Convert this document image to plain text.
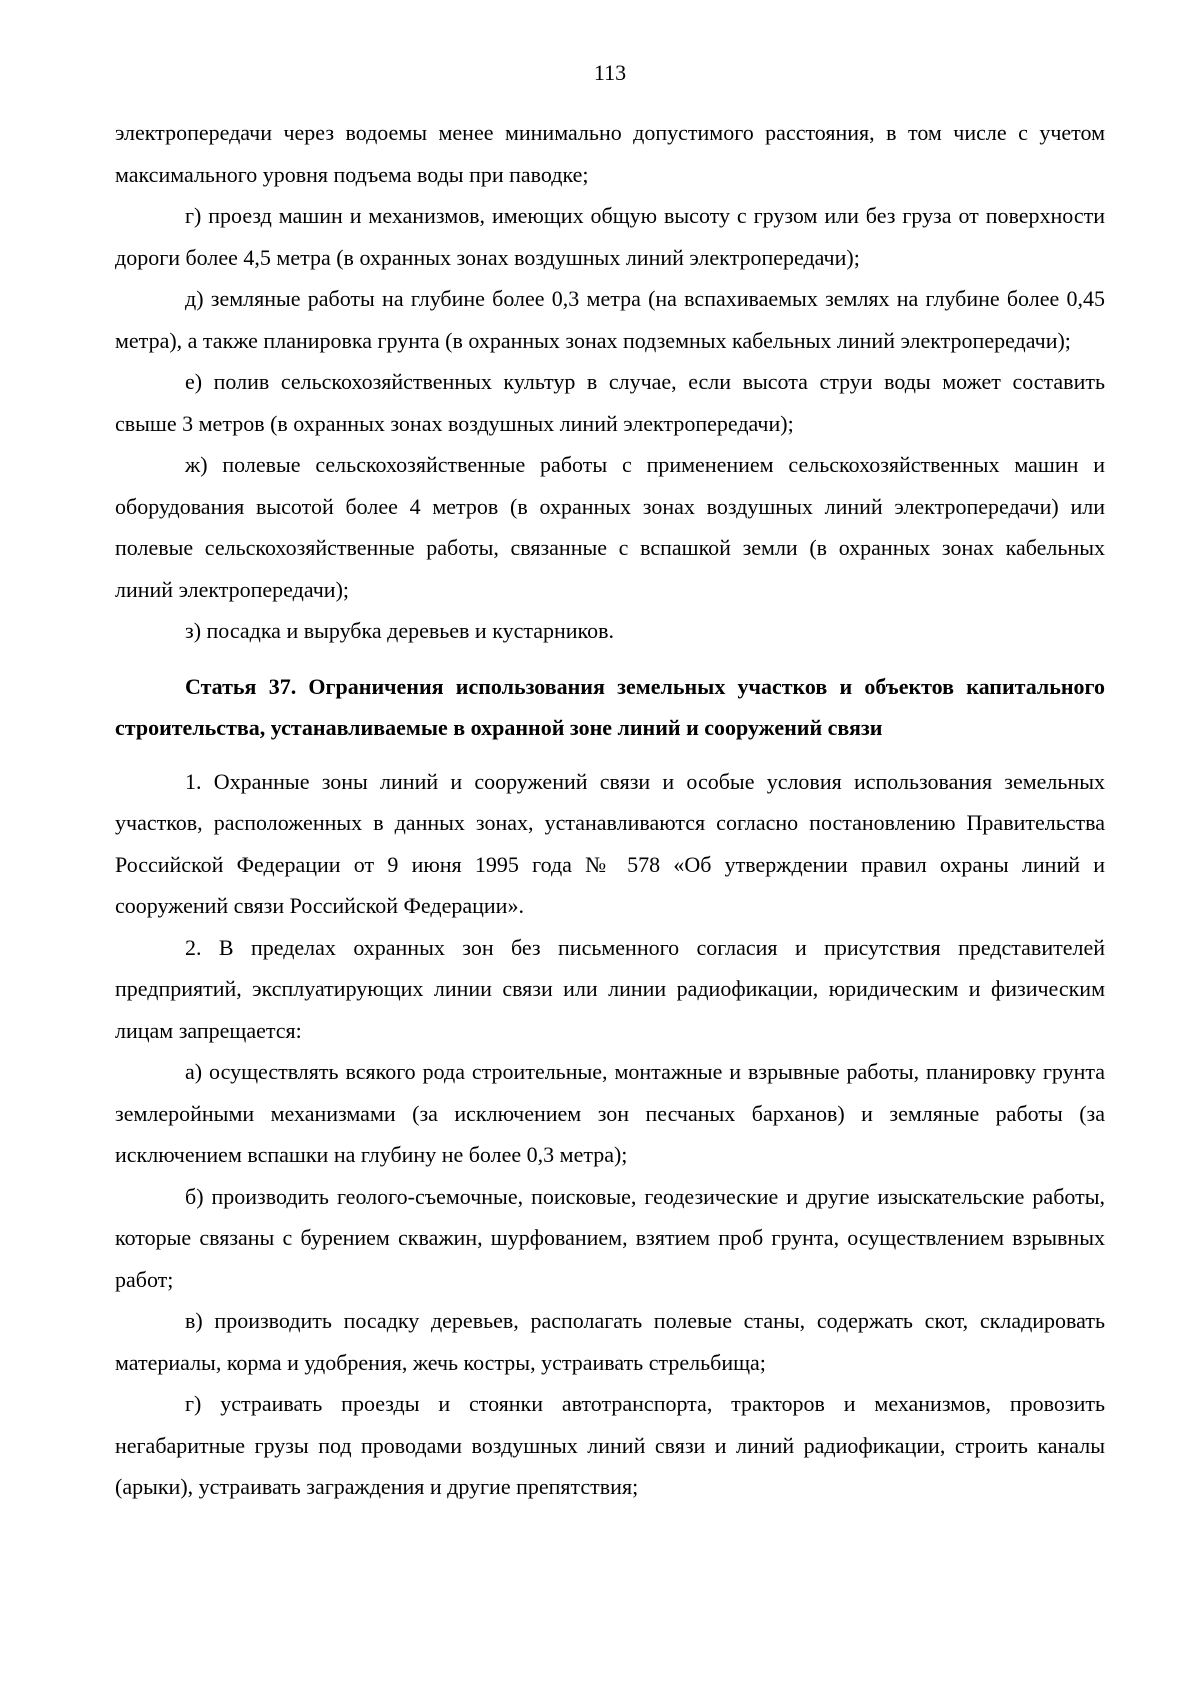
113

электропередачи через водоемы менее минимально допустимого расстояния, в том числе с учетом максимального уровня подъема воды при паводке;

г) проезд машин и механизмов, имеющих общую высоту с грузом или без груза от поверхности дороги более 4,5 метра (в охранных зонах воздушных линий электропередачи);

д) земляные работы на глубине более 0,3 метра (на вспахиваемых землях на глубине более 0,45 метра), а также планировка грунта (в охранных зонах подземных кабельных линий электропередачи);

е) полив сельскохозяйственных культур в случае, если высота струи воды может составить свыше 3 метров (в охранных зонах воздушных линий электропередачи);

ж) полевые сельскохозяйственные работы с применением сельскохозяйственных машин и оборудования высотой более 4 метров (в охранных зонах воздушных линий электропередачи) или полевые сельскохозяйственные работы, связанные с вспашкой земли (в охранных зонах кабельных линий электропередачи);

з) посадка и вырубка деревьев и кустарников.

Статья 37. Ограничения использования земельных участков и объектов капитального строительства, устанавливаемые в охранной зоне линий и сооружений связи

1. Охранные зоны линий и сооружений связи и особые условия использования земельных участков, расположенных в данных зонах, устанавливаются согласно постановлению Правительства Российской Федерации от 9 июня 1995 года № 578 «Об утверждении правил охраны линий и сооружений связи Российской Федерации».

2. В пределах охранных зон без письменного согласия и присутствия представителей предприятий, эксплуатирующих линии связи или линии радиофикации, юридическим и физическим лицам запрещается:

а) осуществлять всякого рода строительные, монтажные и взрывные работы, планировку грунта землеройными механизмами (за исключением зон песчаных барханов) и земляные работы (за исключением вспашки на глубину не более 0,3 метра);

б) производить геолого-съемочные, поисковые, геодезические и другие изыскательские работы, которые связаны с бурением скважин, шурфованием, взятием проб грунта, осуществлением взрывных работ;

в) производить посадку деревьев, располагать полевые станы, содержать скот, складировать материалы, корма и удобрения, жечь костры, устраивать стрельбища;

г) устраивать проезды и стоянки автотранспорта, тракторов и механизмов, провозить негабаритные грузы под проводами воздушных линий связи и линий радиофикации, строить каналы (арыки), устраивать заграждения и другие препятствия;
